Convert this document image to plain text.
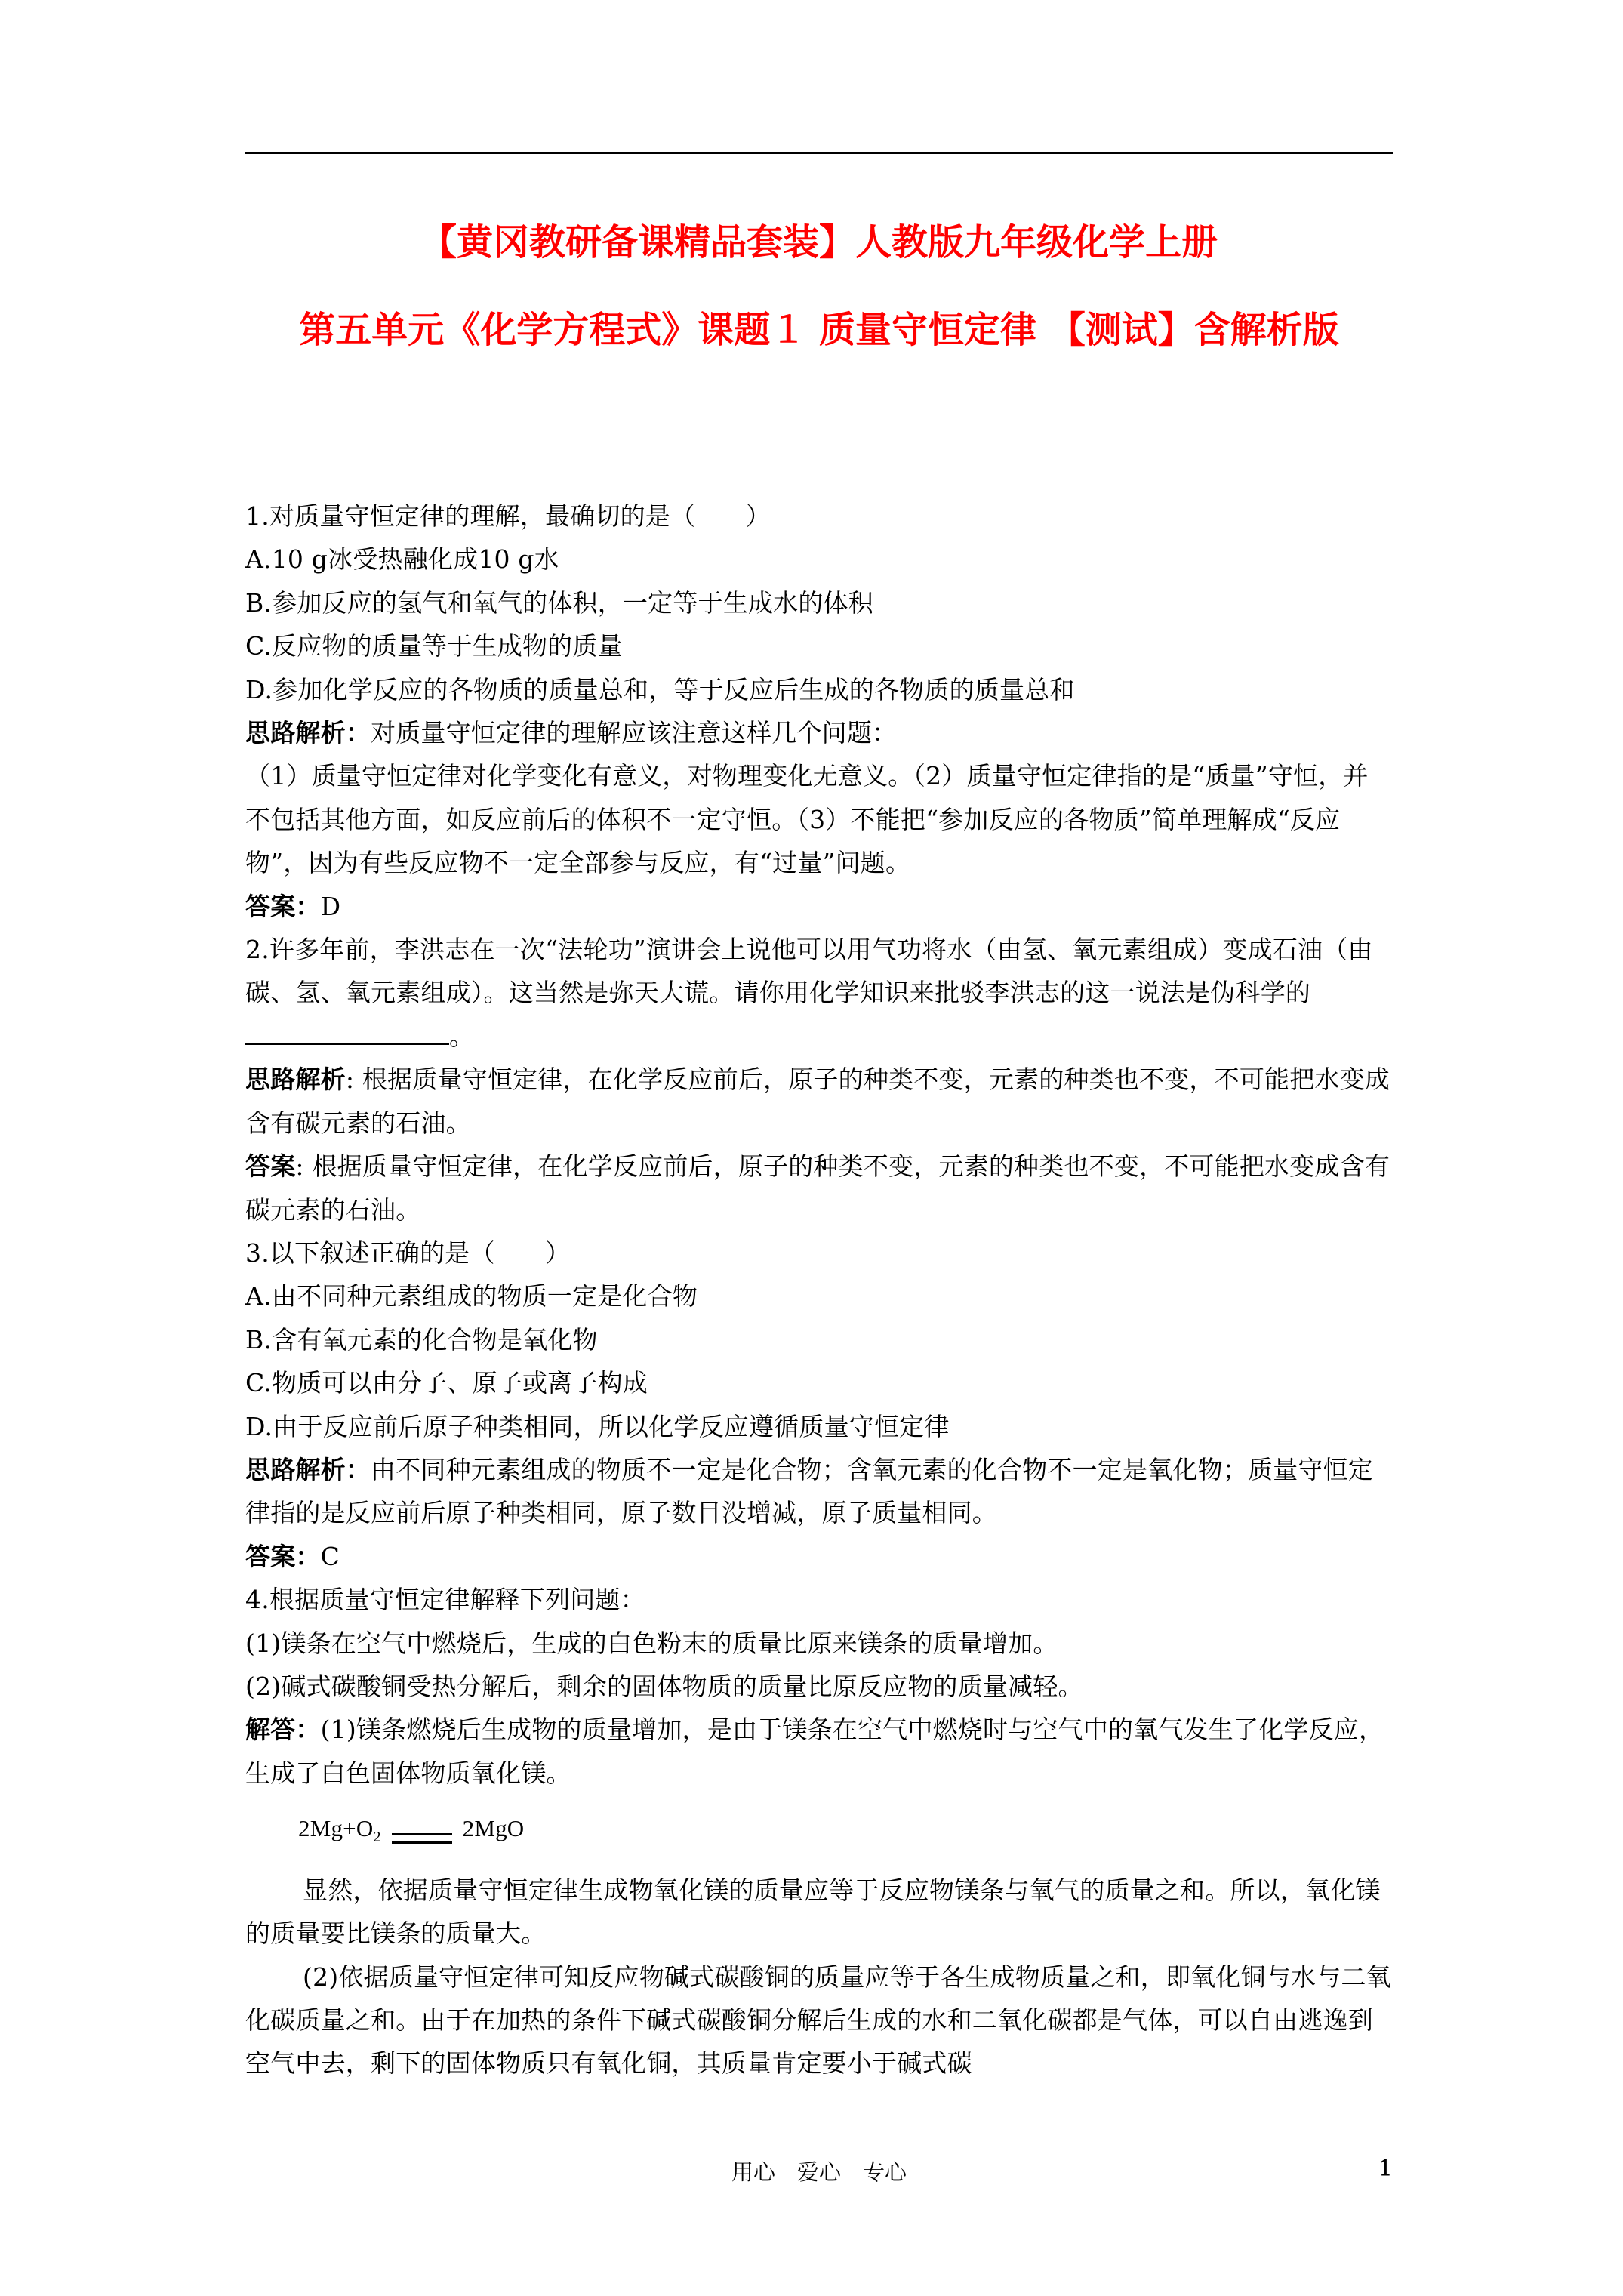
【黄冈教研备课精品套装】人教版九年级化学上册
第五单元《化学方程式》课题１ 质量守恒定律 【测试】含解析版

1.对质量守恒定律的理解，最确切的是（　　）

A.10 g冰受热融化成10 g水

B.参加反应的氢气和氧气的体积，一定等于生成水的体积

C.反应物的质量等于生成物的质量

D.参加化学反应的各物质的质量总和，等于反应后生成的各物质的质量总和

思路解析：对质量守恒定律的理解应该注意这样几个问题：

（1）质量守恒定律对化学变化有意义，对物理变化无意义。（2）质量守恒定律指的是“质量”守恒，并不包括其他方面，如反应前后的体积不一定守恒。（3）不能把“参加反应的各物质”简单理解成“反应物”，因为有些反应物不一定全部参与反应，有“过量”问题。

答案：D

2.许多年前，李洪志在一次“法轮功”演讲会上说他可以用气功将水（由氢、氧元素组成）变成石油（由碳、氢、氧元素组成）。这当然是弥天大谎。请你用化学知识来批驳李洪志的这一说法是伪科学的。

思路解析: 根据质量守恒定律，在化学反应前后，原子的种类不变，元素的种类也不变，不可能把水变成含有碳元素的石油。

答案: 根据质量守恒定律，在化学反应前后，原子的种类不变，元素的种类也不变，不可能把水变成含有碳元素的石油。

3.以下叙述正确的是（　　）

A.由不同种元素组成的物质一定是化合物

B.含有氧元素的化合物是氧化物

C.物质可以由分子、原子或离子构成

D.由于反应前后原子种类相同，所以化学反应遵循质量守恒定律

思路解析：由不同种元素组成的物质不一定是化合物；含氧元素的化合物不一定是氧化物；质量守恒定律指的是反应前后原子种类相同，原子数目没增减，原子质量相同。

答案：C

4.根据质量守恒定律解释下列问题：

(1)镁条在空气中燃烧后，生成的白色粉末的质量比原来镁条的质量增加。

(2)碱式碳酸铜受热分解后，剩余的固体物质的质量比原反应物的质量减轻。

解答：(1)镁条燃烧后生成物的质量增加，是由于镁条在空气中燃烧时与空气中的氧气发生了化学反应，生成了白色固体物质氧化镁。

$2Mg+O_2$	2MgO

显然，依据质量守恒定律生成物氧化镁的质量应等于反应物镁条与氧气的质量之和。所以，氧化镁的质量要比镁条的质量大。

(2)依据质量守恒定律可知反应物碱式碳酸铜的质量应等于各生成物质量之和，即氧化铜与水与二氧化碳质量之和。由于在加热的条件下碱式碳酸铜分解后生成的水和二氧化碳都是气体，可以自由逃逸到空气中去，剩下的固体物质只有氧化铜，其质量肯定要小于碱式碳

用心　爱心　专心	1
